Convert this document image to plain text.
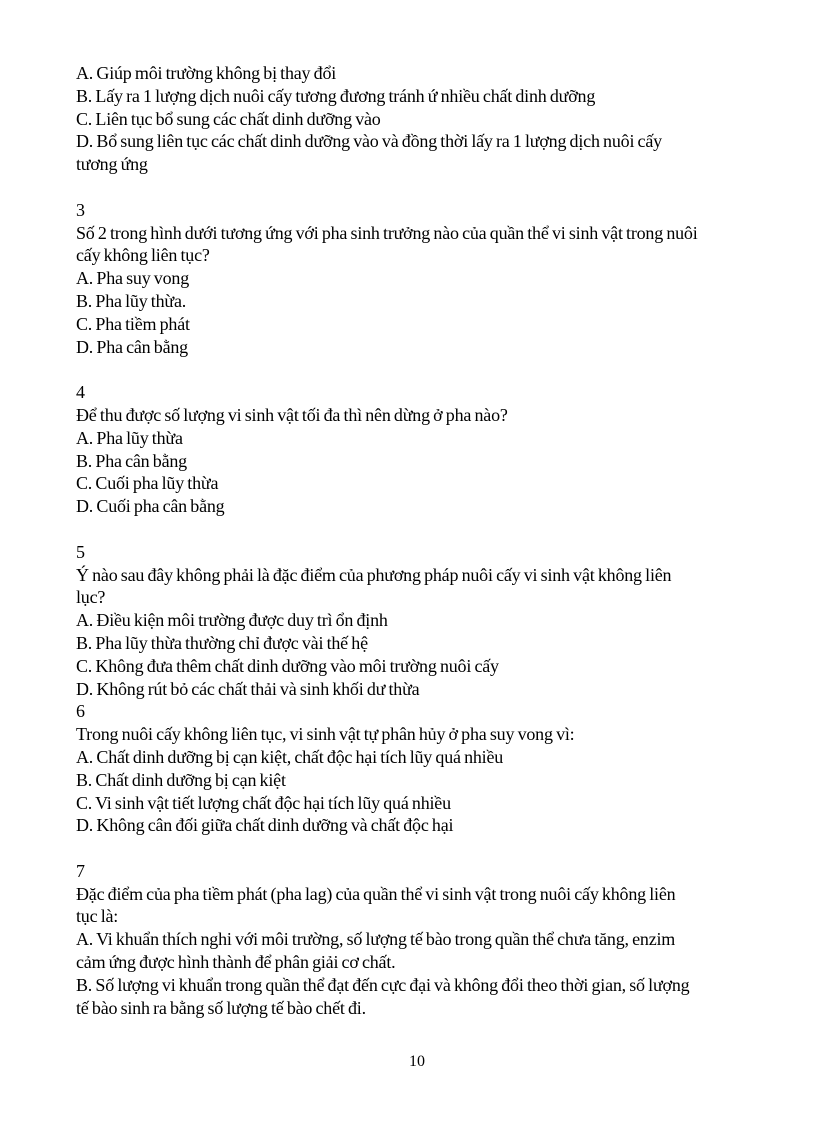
A. Giúp môi trường không bị thay đổi
B. Lấy ra 1 lượng dịch nuôi cấy tương đương tránh ứ nhiều chất dinh dưỡng
C. Liên tục bổ sung các chất dinh dưỡng vào
D. Bổ sung liên tục các chất dinh dưỡng vào và đồng thời lấy ra 1 lượng dịch nuôi cấy
tương ứng
3
Số 2 trong hình dưới tương ứng với pha sinh trưởng nào của quần thể vi sinh vật trong nuôi
cấy không liên tục?
A. Pha suy vong
B. Pha lũy thừa.
C. Pha tiềm phát
D. Pha cân bằng
4
Để thu được số lượng vi sinh vật tối đa thì nên dừng ở pha nào?
A. Pha lũy thừa
B. Pha cân bằng
C. Cuối pha lũy thừa
D. Cuối pha cân bằng
5
Ý nào sau đây không phải là đặc điểm của phương pháp nuôi cấy vi sinh vật không liên
lục?
A. Điều kiện môi trường được duy trì ổn định
B. Pha lũy thừa thường chỉ được vài thế hệ
C. Không đưa thêm chất dinh dưỡng vào môi trường nuôi cấy
D. Không rút bỏ các chất thải và sinh khối dư thừa
6
Trong nuôi cấy không liên tục, vi sinh vật tự phân hủy ở pha suy vong vì:
A. Chất dinh dưỡng bị cạn kiệt, chất độc hại tích lũy quá nhiều
B. Chất dinh dưỡng bị cạn kiệt
C. Vi sinh vật tiết lượng chất độc hại tích lũy quá nhiều
D. Không cân đối giữa chất dinh dưỡng và chất độc hại
7
Đặc điểm của pha tiềm phát (pha lag) của quần thể vi sinh vật trong nuôi cấy không liên
tục là:
A. Vi khuẩn thích nghi với môi trường, số lượng tế bào trong quần thể chưa tăng, enzim
cảm ứng được hình thành để phân giải cơ chất.
B. Số lượng vi khuẩn trong quần thể đạt đến cực đại và không đổi theo thời gian, số lượng
tế bào sinh ra bằng số lượng tế bào chết đi.
10
